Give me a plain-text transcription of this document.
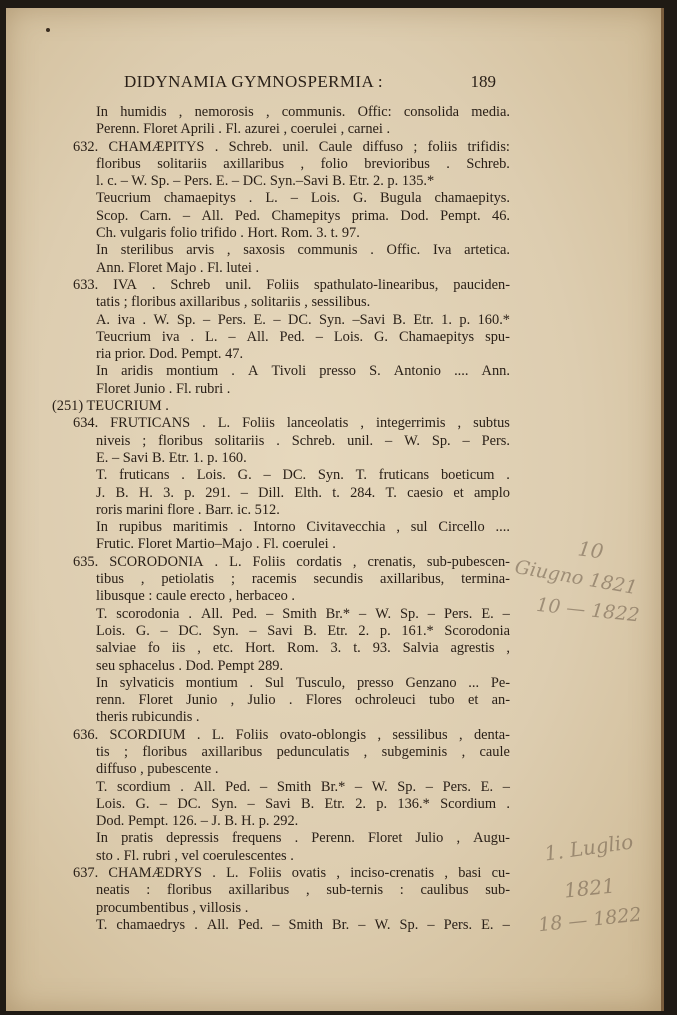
DIDYNAMIA GYMNOSPERMIA :	189
In humidis , nemorosis , communis. Offic: consolida media.
Perenn. Floret Aprili . Fl. azurei , coerulei , carnei .
632. CHAMÆPITYS . Schreb. unil. Caule diffuso ; foliis trifidis:
floribus solitariis axillaribus , folio brevioribus . Schreb.
l. c. – W. Sp. – Pers. E. – DC. Syn.–Savi B. Etr. 2. p. 135.*
Teucrium chamaepitys . L. – Lois. G. Bugula chamaepitys.
Scop. Carn. – All. Ped. Chamepitys prima. Dod. Pempt. 46.
Ch. vulgaris folio trifido . Hort. Rom. 3. t. 97.
In sterilibus arvis , saxosis communis . Offic. Iva artetica.
Ann. Floret Majo . Fl. lutei .
633. IVA . Schreb unil. Foliis spathulato-linearibus, pauciden-
tatis ; floribus axillaribus , solitariis , sessilibus.
A. iva . W. Sp. – Pers. E. – DC. Syn. –Savi B. Etr. 1. p. 160.*
Teucrium iva . L. – All. Ped. – Lois. G. Chamaepitys spu-
ria prior. Dod. Pempt. 47.
In aridis montium . A Tivoli presso S. Antonio .... Ann.
Floret Junio . Fl. rubri .
(251) TEUCRIUM .
634. FRUTICANS . L. Foliis lanceolatis , integerrimis , subtus
niveis ; floribus solitariis . Schreb. unil. – W. Sp. – Pers.
E. – Savi B. Etr. 1. p. 160.
T. fruticans . Lois. G. – DC. Syn. T. fruticans boeticum .
J. B. H. 3. p. 291. – Dill. Elth. t. 284. T. caesio et amplo
roris marini flore . Barr. ic. 512.
In rupibus maritimis . Intorno Civitavecchia , sul Circello ....
Frutic. Floret Martio–Majo . Fl. coerulei .
635. SCORODONIA . L. Foliis cordatis , crenatis, sub-pubescen-
tibus , petiolatis ; racemis secundis axillaribus, termina-
libusque : caule erecto , herbaceo .
T. scorodonia . All. Ped. – Smith Br.* – W. Sp. – Pers. E. –
Lois. G. – DC. Syn. – Savi B. Etr. 2. p. 161.* Scorodonia
salviae fo iis , etc. Hort. Rom. 3. t. 93. Salvia agrestis ,
seu sphacelus . Dod. Pempt 289.
In sylvaticis montium . Sul Tusculo, presso Genzano ... Pe-
renn. Floret Junio , Julio . Flores ochroleuci tubo et an-
theris rubicundis .
636. SCORDIUM . L. Foliis ovato-oblongis , sessilibus , denta-
tis ; floribus axillaribus pedunculatis , subgeminis , caule
diffuso , pubescente .
T. scordium . All. Ped. – Smith Br.* – W. Sp. – Pers. E. –
Lois. G. – DC. Syn. – Savi B. Etr. 2. p. 136.* Scordium .
Dod. Pempt. 126. – J. B. H. p. 292.
In pratis depressis frequens . Perenn. Floret Julio , Augu-
sto . Fl. rubri , vel coerulescentes .
637. CHAMÆDRYS . L. Foliis ovatis , inciso-crenatis , basi cu-
neatis : floribus axillaribus , sub-ternis : caulibus sub-
procumbentibus , villosis .
T. chamaedrys . All. Ped. – Smith Br. – W. Sp. – Pers. E. –
10
Giugno 1821
10 — 1822
1. Luglio
1821
18 — 1822
